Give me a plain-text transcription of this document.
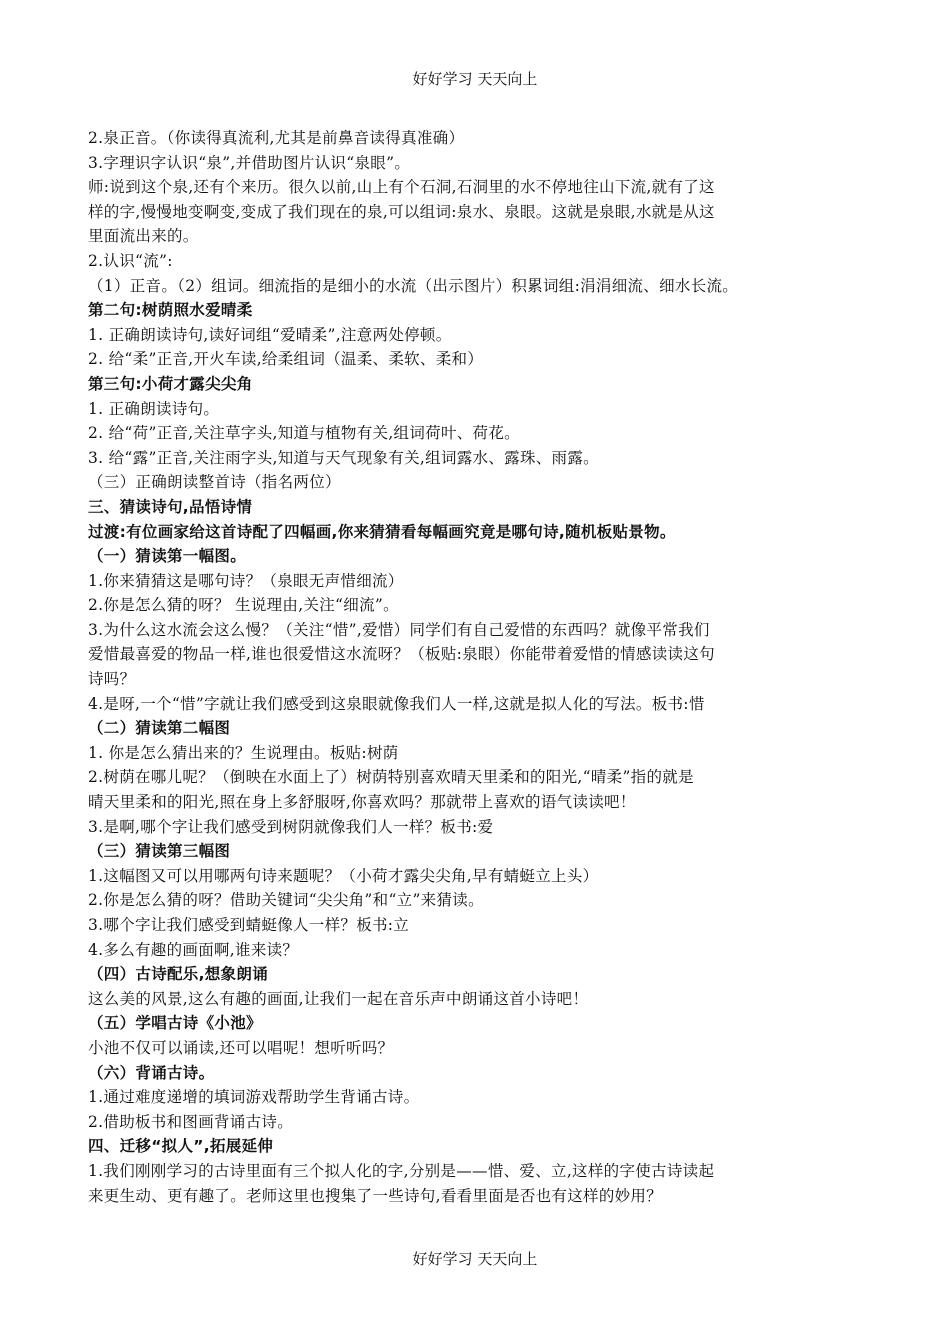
好好学习 天天向上
2.泉正音。（你读得真流利,尤其是前鼻音读得真准确）
3.字理识字认识“泉”,并借助图片认识“泉眼”。
师:说到这个泉,还有个来历。很久以前,山上有个石洞,石洞里的水不停地往山下流,就有了这
样的字,慢慢地变啊变,变成了我们现在的泉,可以组词:泉水、泉眼。这就是泉眼,水就是从这
里面流出来的。
2.认识“流”:
（1）正音。（2）组词。细流指的是细小的水流（出示图片）积累词组:涓涓细流、细水长流。
第二句:树荫照水爱晴柔
1. 正确朗读诗句,读好词组“爱晴柔”,注意两处停顿。
2. 给“柔”正音,开火车读,给柔组词（温柔、柔软、柔和）
第三句:小荷才露尖尖角
1. 正确朗读诗句。
2. 给“荷”正音,关注草字头,知道与植物有关,组词荷叶、荷花。
3. 给“露”正音,关注雨字头,知道与天气现象有关,组词露水、露珠、雨露。
（三）正确朗读整首诗（指名两位）
三、猜读诗句,品悟诗情
过渡:有位画家给这首诗配了四幅画,你来猜猜看每幅画究竟是哪句诗,随机板贴景物。
（一）猜读第一幅图。
1.你来猜猜这是哪句诗？（泉眼无声惜细流）
2.你是怎么猜的呀？ 生说理由,关注“细流”。
3.为什么这水流会这么慢？（关注“惜”,爱惜）同学们有自己爱惜的东西吗？就像平常我们
爱惜最喜爱的物品一样,谁也很爱惜这水流呀？（板贴:泉眼）你能带着爱惜的情感读读这句
诗吗？
4.是呀,一个“惜”字就让我们感受到这泉眼就像我们人一样,这就是拟人化的写法。板书:惜
（二）猜读第二幅图
1. 你是怎么猜出来的？生说理由。板贴:树荫
2.树荫在哪儿呢？（倒映在水面上了）树荫特别喜欢晴天里柔和的阳光,“晴柔”指的就是
晴天里柔和的阳光,照在身上多舒服呀,你喜欢吗？那就带上喜欢的语气读读吧！
3.是啊,哪个字让我们感受到树阴就像我们人一样？板书:爱
（三）猜读第三幅图
1.这幅图又可以用哪两句诗来题呢？（小荷才露尖尖角,早有蜻蜓立上头）
2.你是怎么猜的呀？借助关键词“尖尖角”和“立”来猜读。
3.哪个字让我们感受到蜻蜓像人一样？板书:立
4.多么有趣的画面啊,谁来读？
（四）古诗配乐,想象朗诵
这么美的风景,这么有趣的画面,让我们一起在音乐声中朗诵这首小诗吧！
（五）学唱古诗《小池》
小池不仅可以诵读,还可以唱呢！想听听吗？
（六）背诵古诗。
1.通过难度递增的填词游戏帮助学生背诵古诗。
2.借助板书和图画背诵古诗。
四、迁移“拟人”,拓展延伸
1.我们刚刚学习的古诗里面有三个拟人化的字,分别是——惜、爱、立,这样的字使古诗读起
来更生动、更有趣了。老师这里也搜集了一些诗句,看看里面是否也有这样的妙用？
好好学习 天天向上
